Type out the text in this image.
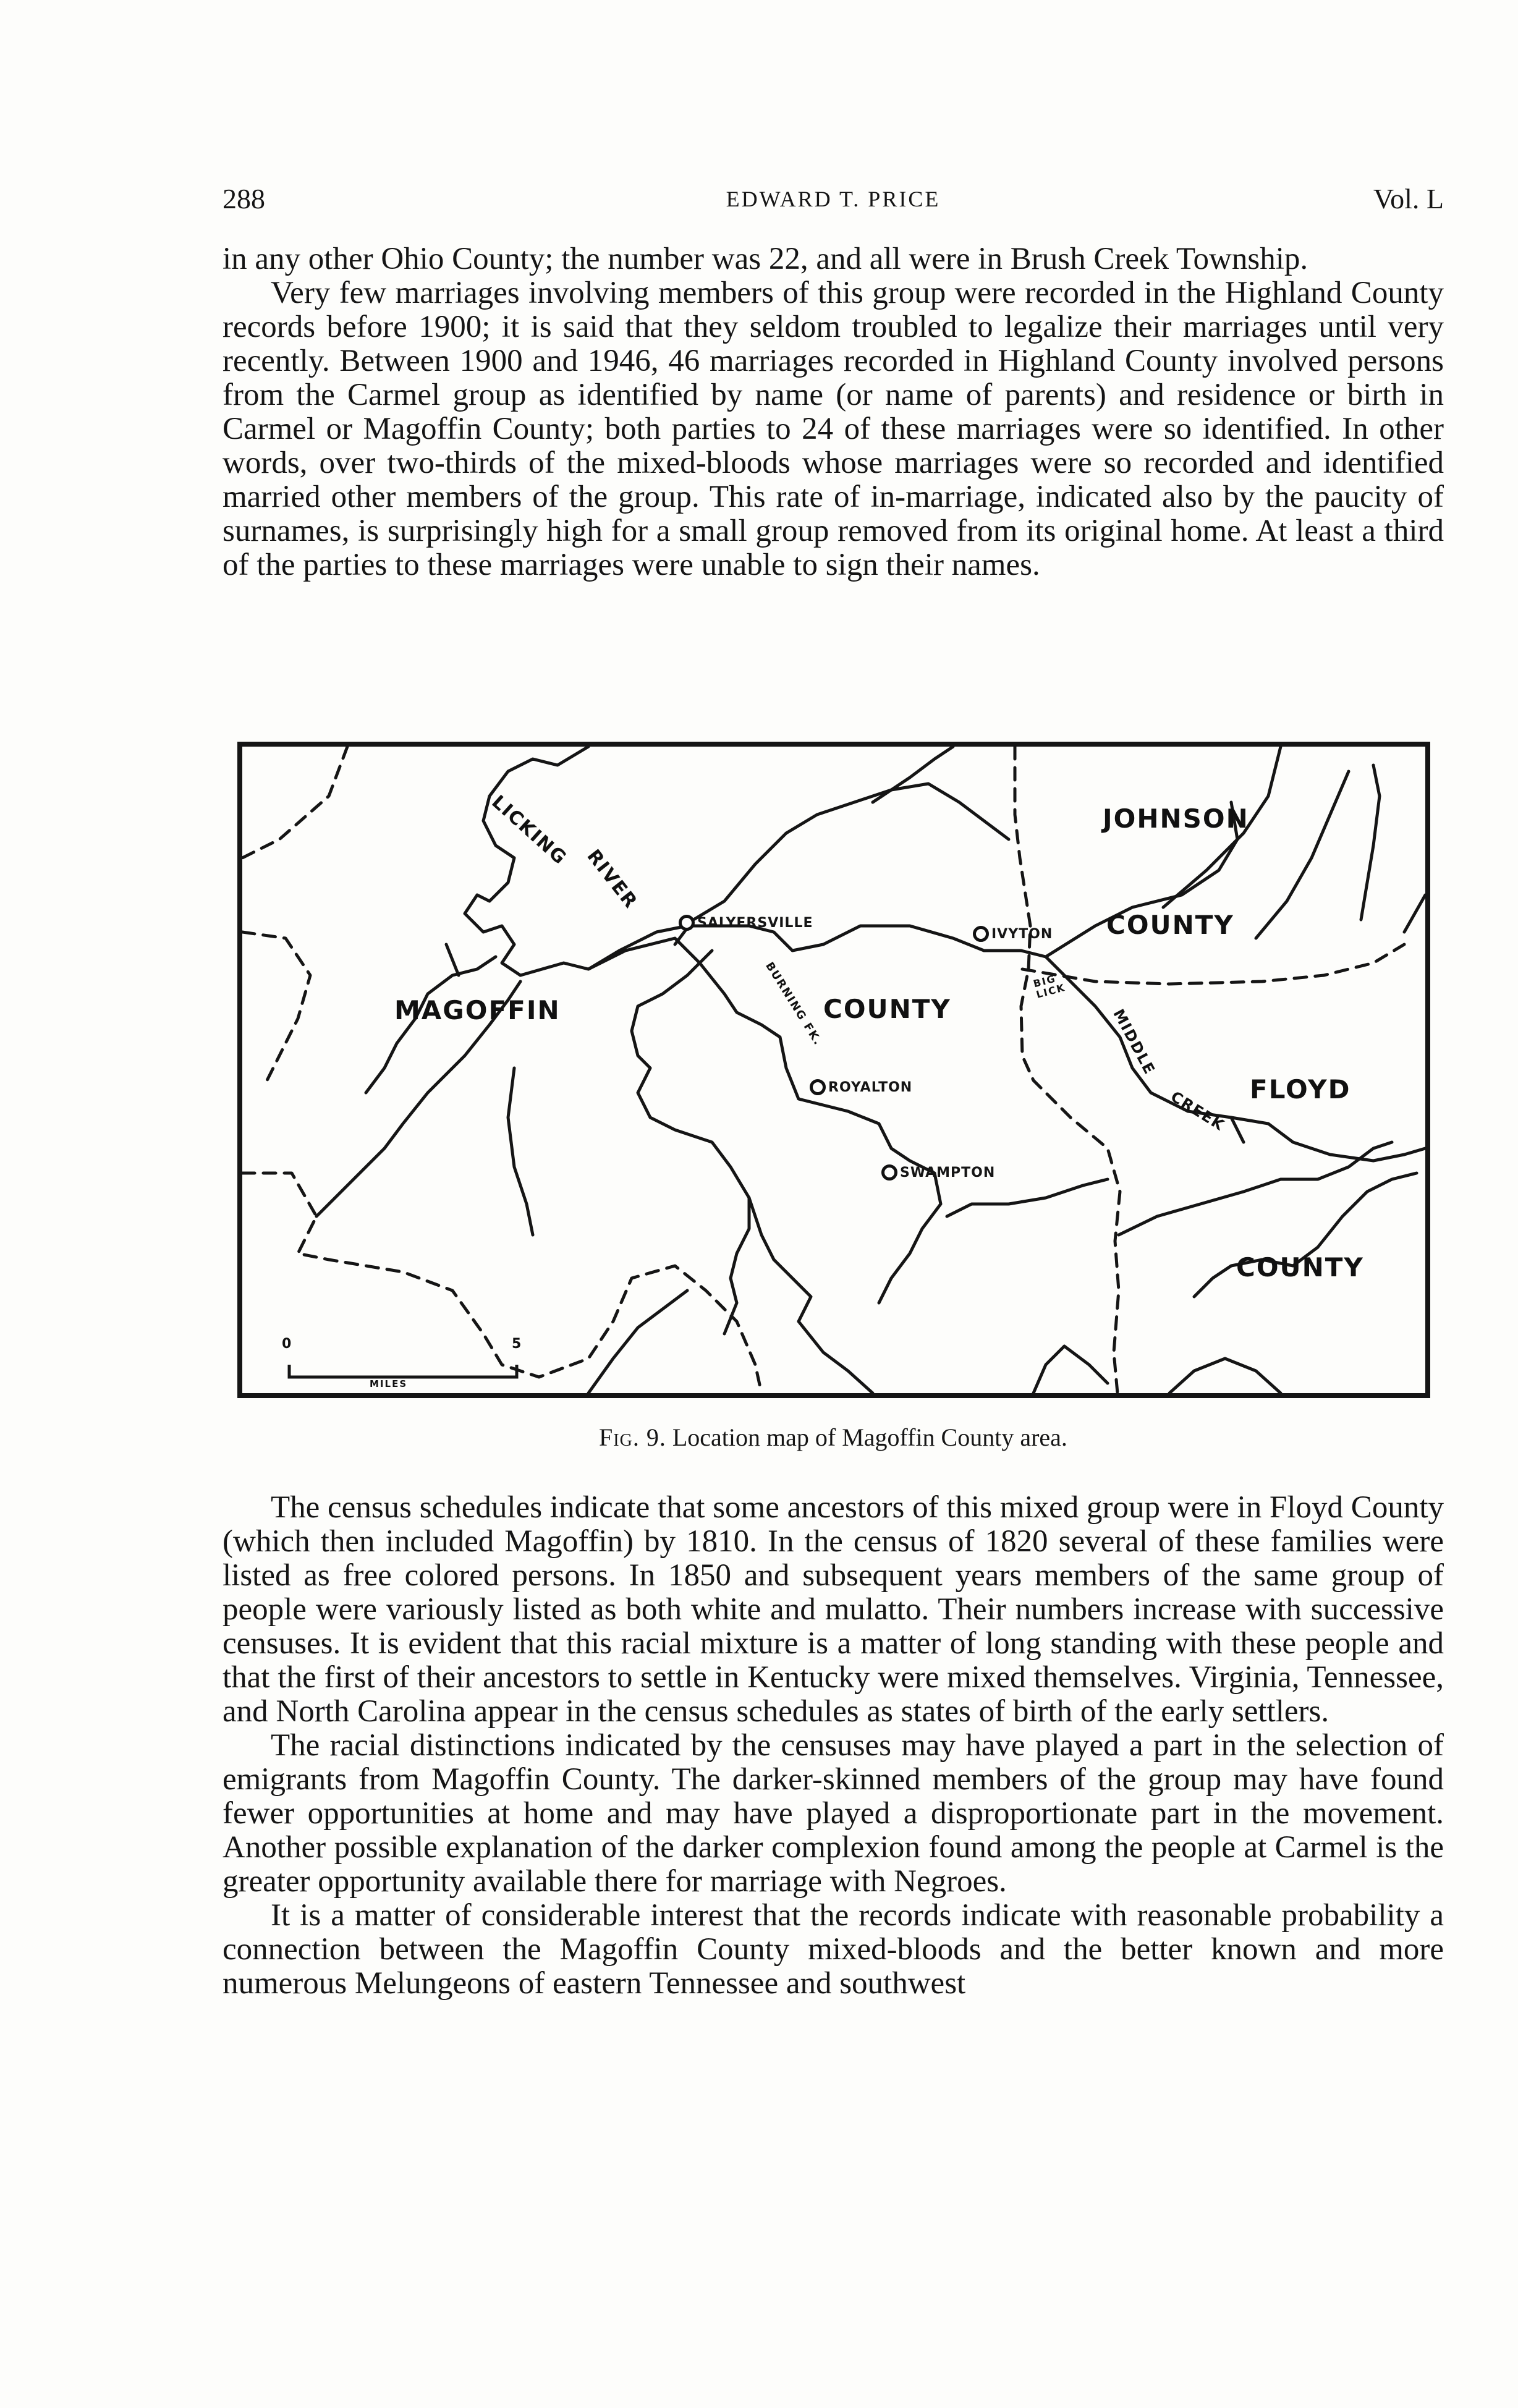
288	EDWARD T. PRICE	Vol. L

in any other Ohio County; the number was 22, and all were in Brush Creek Township.

Very few marriages involving members of this group were recorded in the Highland County records before 1900; it is said that they seldom troubled to legalize their marriages until very recently. Between 1900 and 1946, 46 marriages recorded in Highland County involved persons from the Carmel group as identified by name (or name of parents) and residence or birth in Carmel or Magoffin County; both parties to 24 of these marriages were so identified. In other words, over two-thirds of the mixed-bloods whose marriages were so recorded and identified married other members of the group. This rate of in-marriage, indicated also by the paucity of surnames, is surprisingly high for a small group removed from its original home. At least a third of the parties to these marriages were unable to sign their names.

LICKING
RIVER
JOHNSON
COUNTY
MAGOFFIN	COUNTY
FLOYD
COUNTY
BURNING FK.	MIDDLE
CREEK
BIG LICK
SALYERSVILLE
IVYTON
ROYALTON
SWAMPTON
0	5
MILES
Fig. 9. Location map of Magoffin County area.

The census schedules indicate that some ancestors of this mixed group were in Floyd County (which then included Magoffin) by 1810. In the census of 1820 several of these families were listed as free colored persons. In 1850 and subsequent years members of the same group of people were variously listed as both white and mulatto. Their numbers increase with successive censuses. It is evident that this racial mixture is a matter of long standing with these people and that the first of their ancestors to settle in Kentucky were mixed themselves. Virginia, Tennessee, and North Carolina appear in the census schedules as states of birth of the early settlers.

The racial distinctions indicated by the censuses may have played a part in the selection of emigrants from Magoffin County. The darker-skinned members of the group may have found fewer opportunities at home and may have played a disproportionate part in the movement. Another possible explanation of the darker complexion found among the people at Carmel is the greater opportunity available there for marriage with Negroes.

It is a matter of considerable interest that the records indicate with reasonable probability a connection between the Magoffin County mixed-bloods and the better known and more numerous Melungeons of eastern Tennessee and southwest
